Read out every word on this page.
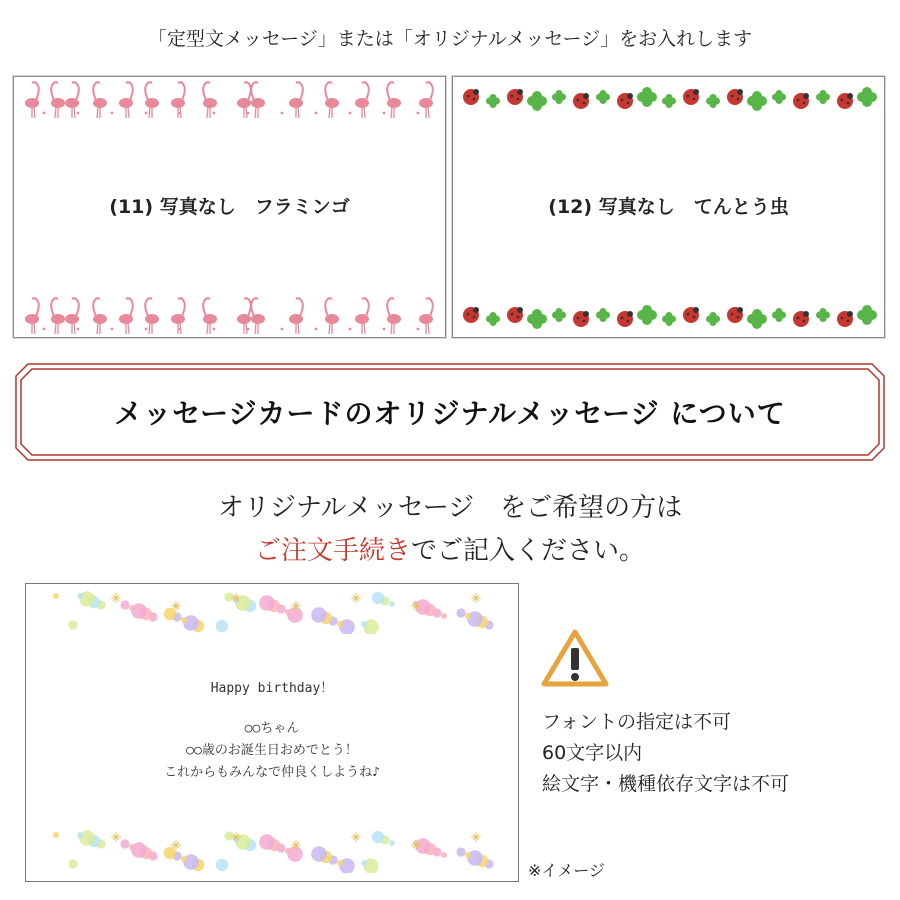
「定型文メッセージ」または「オリジナルメッセージ」をお入れします
(11) 写真なし　フラミンゴ	(12) 写真なし　てんとう虫
メッセージカードのオリジナルメッセージ について
オリジナルメッセージ　をご希望の方は
ご注文手続きでご記入ください。
Happy birthday！
○○ちゃん
○○歳のお誕生日おめでとう！
これからもみんなで仲良くしようね♪
フォントの指定は不可
60文字以内
絵文字・機種依存文字は不可
※イメージ
